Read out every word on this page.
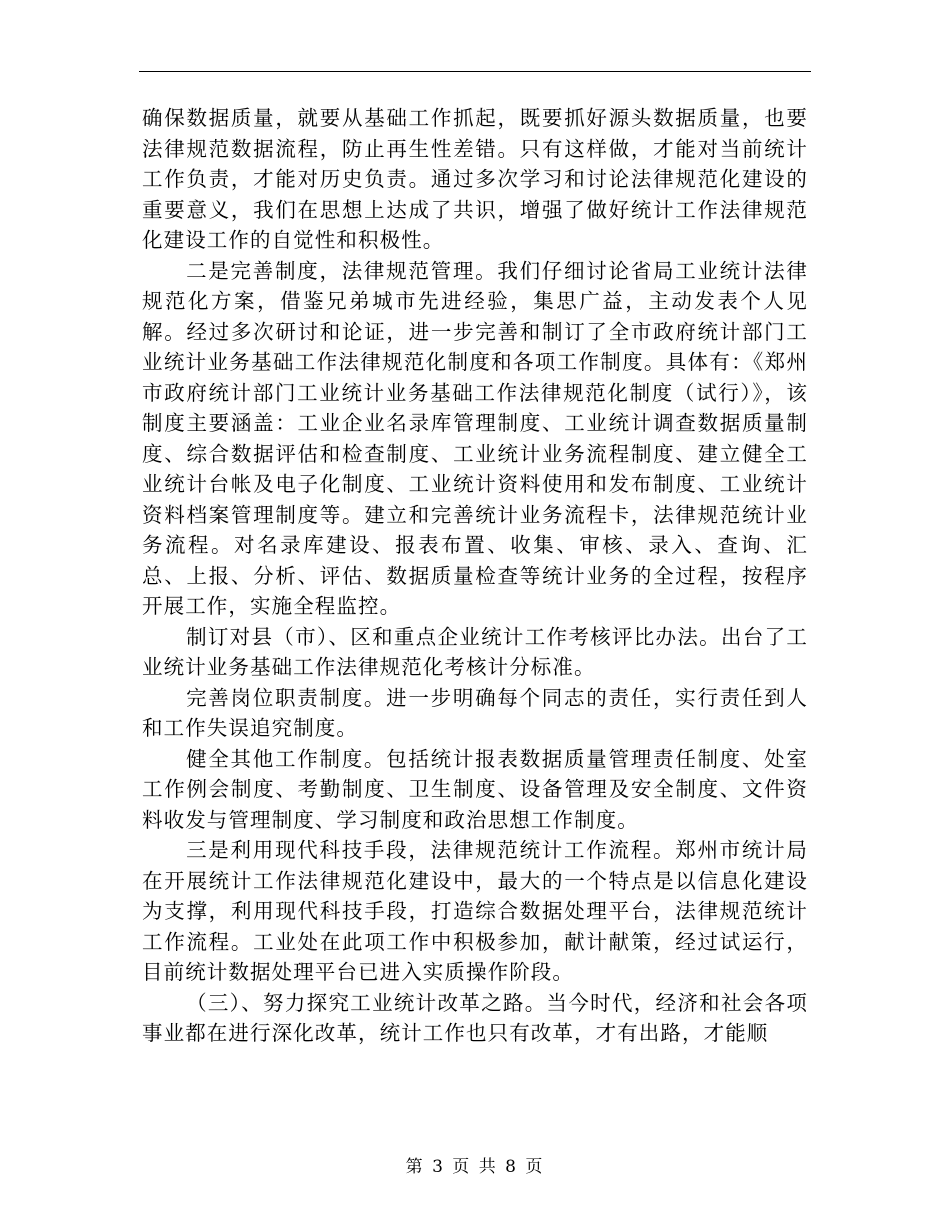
确保数据质量，就要从基础工作抓起，既要抓好源头数据质量，也要法律规范数据流程，防止再生性差错。只有这样做，才能对当前统计工作负责，才能对历史负责。通过多次学习和讨论法律规范化建设的重要意义，我们在思想上达成了共识，增强了做好统计工作法律规范化建设工作的自觉性和积极性。

二是完善制度，法律规范管理。我们仔细讨论省局工业统计法律规范化方案，借鉴兄弟城市先进经验，集思广益，主动发表个人见解。经过多次研讨和论证，进一步完善和制订了全市政府统计部门工业统计业务基础工作法律规范化制度和各项工作制度。具体有：《郑州市政府统计部门工业统计业务基础工作法律规范化制度（试行）》，该制度主要涵盖：工业企业名录库管理制度、工业统计调查数据质量制度、综合数据评估和检查制度、工业统计业务流程制度、建立健全工业统计台帐及电子化制度、工业统计资料使用和发布制度、工业统计资料档案管理制度等。建立和完善统计业务流程卡，法律规范统计业务流程。对名录库建设、报表布置、收集、审核、录入、查询、汇总、上报、分析、评估、数据质量检查等统计业务的全过程，按程序开展工作，实施全程监控。

制订对县（市）、区和重点企业统计工作考核评比办法。出台了工业统计业务基础工作法律规范化考核计分标准。

完善岗位职责制度。进一步明确每个同志的责任，实行责任到人和工作失误追究制度。

健全其他工作制度。包括统计报表数据质量管理责任制度、处室工作例会制度、考勤制度、卫生制度、设备管理及安全制度、文件资料收发与管理制度、学习制度和政治思想工作制度。

三是利用现代科技手段，法律规范统计工作流程。郑州市统计局在开展统计工作法律规范化建设中，最大的一个特点是以信息化建设为支撑，利用现代科技手段，打造综合数据处理平台，法律规范统计工作流程。工业处在此项工作中积极参加，献计献策，经过试运行，目前统计数据处理平台已进入实质操作阶段。

（三）、努力探究工业统计改革之路。当今时代，经济和社会各项事业都在进行深化改革，统计工作也只有改革，才有出路，才能顺

第 3 页 共 8 页
